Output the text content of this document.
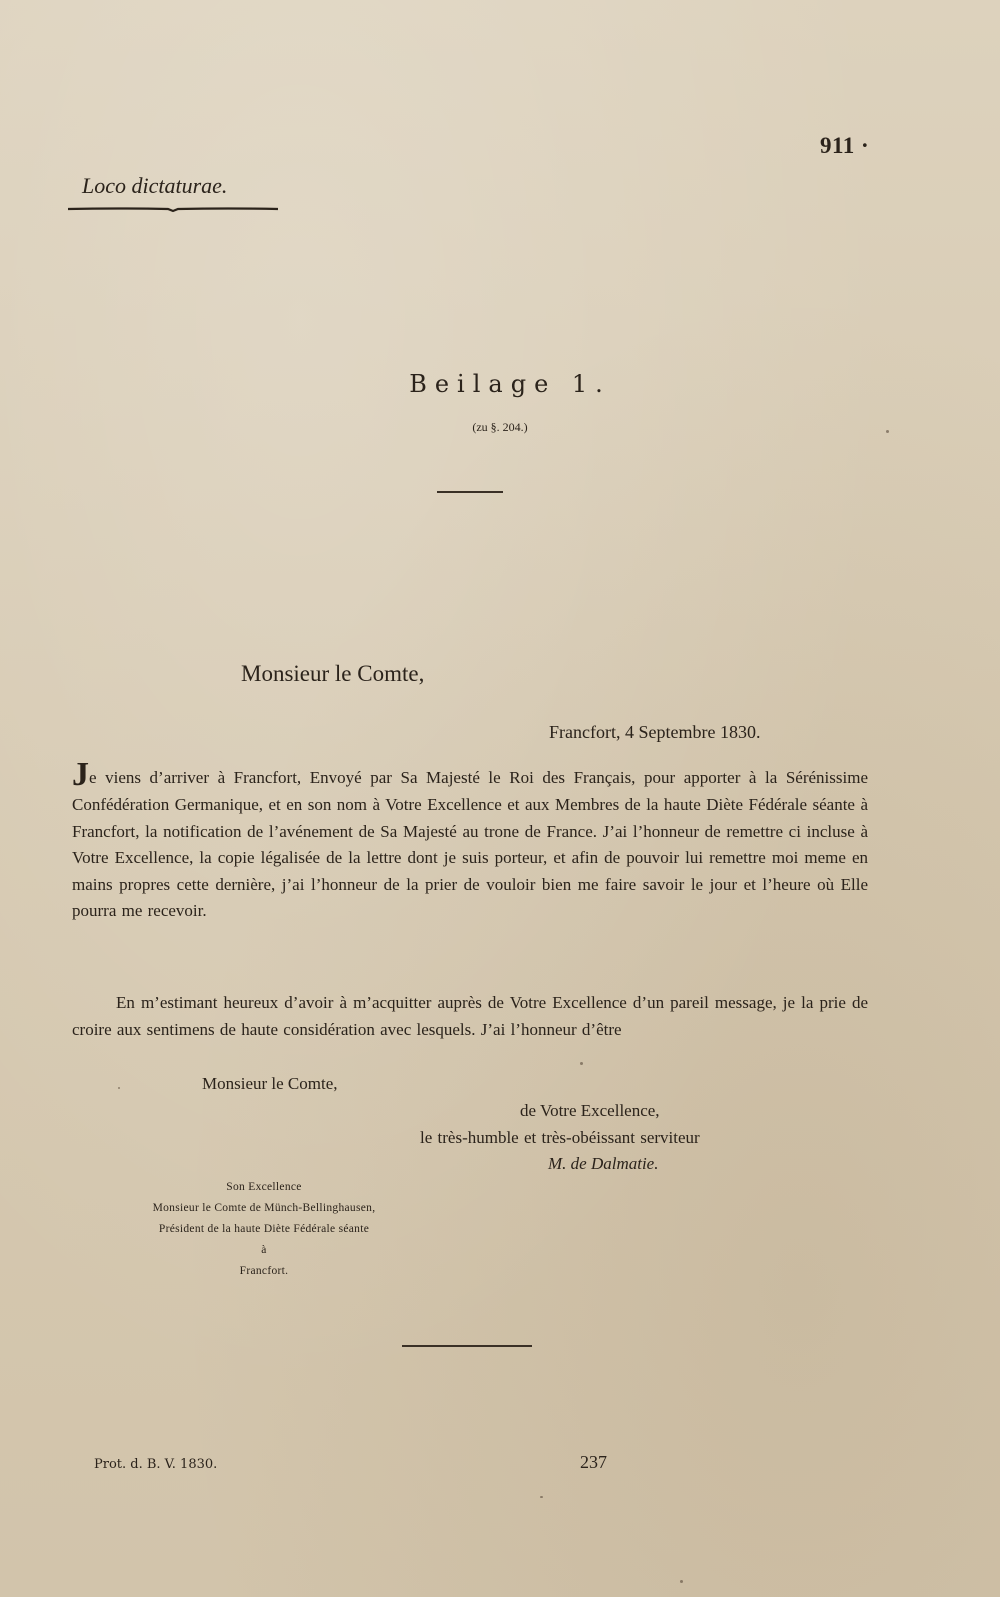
911 ·
Loco dictaturae.
Beilage 1.
(zu §. 204.)
Monsieur le Comte,
Francfort, 4 Septembre 1830.
Je viens d’arriver à Francfort, Envoyé par Sa Majesté le Roi des Français, pour apporter à la Sérénissime Confédération Germanique, et en son nom à Votre Excellence et aux Membres de la haute Diète Fédérale séante à Francfort, la notification de l’avénement de Sa Majesté au trone de France. J’ai l’honneur de remettre ci incluse à Votre Excellence, la copie légalisée de la lettre dont je suis porteur, et afin de pouvoir lui remettre moi meme en mains propres cette dernière, j’ai l’honneur de la prier de vouloir bien me faire savoir le jour et l’heure où Elle pourra me recevoir.
En m’estimant heureux d’avoir à m’acquitter auprès de Votre Excellence d’un pareil message, je la prie de croire aux sentimens de haute considération avec lesquels. J’ai l’honneur d’être
Monsieur le Comte,
de Votre Excellence,
le très-humble et très-obéissant serviteur
M. de Dalmatie.
Son Excellence
Monsieur le Comte de Münch-Bellinghausen,
Président de la haute Diète Fédérale séante
à
Francfort.
Prot. d. B. V. 1830.	237
